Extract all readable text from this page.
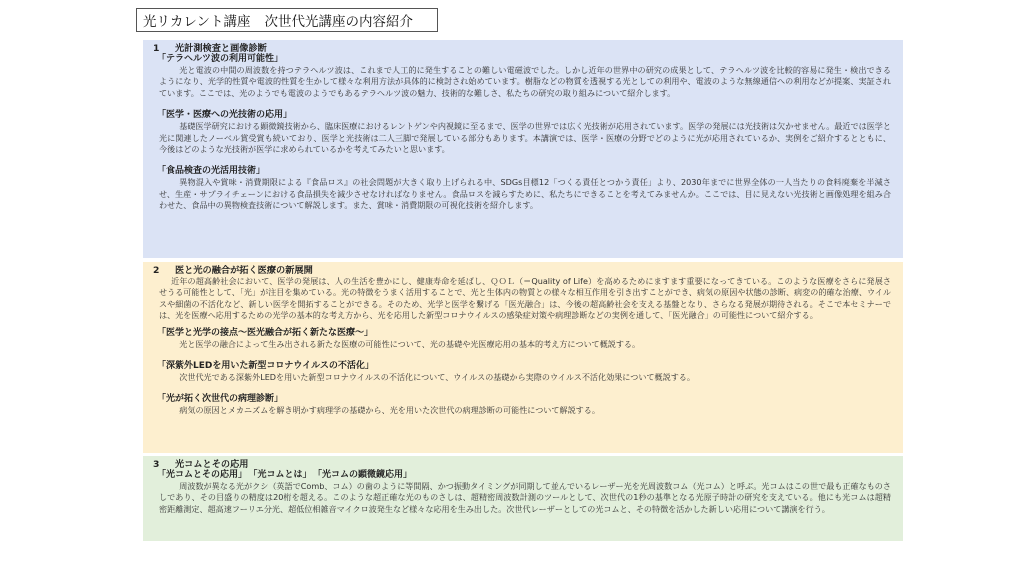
光リカレント講座 次世代光講座の内容紹介
1 光計測検査と画像診断
「テラヘルツ波の利用可能性」
光と電波の中間の周波数を持つテラヘルツ波は、これまで人工的に発生することの難しい電磁波でした。しかし近年の世界中の研究の成果として、テラヘルツ波を比較的容易に発生・検出できるようになり、光学的性質や電波的性質を生かして様々な利用方法が具体的に検討され始めています。樹脂などの物質を透視する光としての利用や、電波のような無線通信への利用などが提案、実証されています。ここでは、光のようでも電波のようでもあるテラヘルツ波の魅力、技術的な難しさ、私たちの研究の取り組みについて紹介します。
「医学・医療への光技術の応用」
基礎医学研究における顕微鏡技術から、臨床医療におけるレントゲンや内視鏡に至るまで、医学の世界では広く光技術が応用されています。医学の発展には光技術は欠かせません。最近では医学と光に関連したノーベル賞受賞も続いており、医学と光技術は二人三脚で発展している部分もあります。本講演では、医学・医療の分野でどのように光が応用されているか、実例をご紹介するとともに、今後はどのような光技術が医学に求められているかを考えてみたいと思います。
「食品検査の光活用技術」
異物混入や賞味・消費期限による『食品ロス』の社会問題が大きく取り上げられる中、SDGs目標12「つくる責任とつかう責任」より、2030年までに世界全体の一人当たりの食料廃棄を半減させ、生産・サプライチェーンにおける食品損失を減少させなければなりません。食品ロスを減らすために、私たちにできることを考えてみませんか。ここでは、目に見えない光技術と画像処理を組み合わせた、食品中の異物検査技術について解説します。また、賞味・消費期限の可視化技術を紹介します。
2 医と光の融合が拓く医療の新展開
近年の超高齢社会において、医学の発展は、人の生活を豊かにし、健康寿命を延ばし、ＱＯＬ（＝Quality of Life）を高めるためにますます重要になってきている。このような医療をさらに発展させうる可能性として、「光」が注目を集めている。光の特徴をうまく活用することで、光と生体内の物質との様々な相互作用を引き出すことができ、病気の原因や状態の診断、病変の的確な治療、ウイルスや細菌の不活化など、新しい医学を開拓することができる。そのため、光学と医学を繋げる「医光融合」は、今後の超高齢社会を支える基盤となり、さらなる発展が期待される。そこで本セミナーでは、光を医療へ応用するための光学の基本的な考え方から、光を応用した新型コロナウイルスの感染症対策や病理診断などの実例を通して、「医光融合」の可能性について紹介する。
「医学と光学の接点〜医光融合が拓く新たな医療〜」
光と医学の融合によって生み出される新たな医療の可能性について、光の基礎や光医療応用の基本的考え方について概説する。
「深紫外LEDを用いた新型コロナウイルスの不活化」
次世代光である深紫外LEDを用いた新型コロナウイルスの不活化について、ウイルスの基礎から実際のウイルス不活化効果について概説する。
「光が拓く次世代の病理診断」
病気の原因とメカニズムを解き明かす病理学の基礎から、光を用いた次世代の病理診断の可能性について解説する。
3 光コムとその応用
「光コムとその応用」 「光コムとは」 「光コムの顕微鏡応用」
周波数が異なる光がクシ（英語でComb、コム）の歯のように等間隔、かつ振動タイミングが同期して並んでいるレーザー光を光周波数コム（光コム）と呼ぶ。光コムはこの世で最も正確なものさしであり、その目盛りの精度は20桁を超える。このような超正確な光のものさしは、超精密周波数計測のツールとして、次世代の1秒の基準となる光原子時計の研究を支えている。他にも光コムは超精密距離測定、超高速フーリエ分光、超低位相雑音マイクロ波発生など様々な応用を生み出した。次世代レーザーとしての光コムと、その特徴を活かした新しい応用について講演を行う。
